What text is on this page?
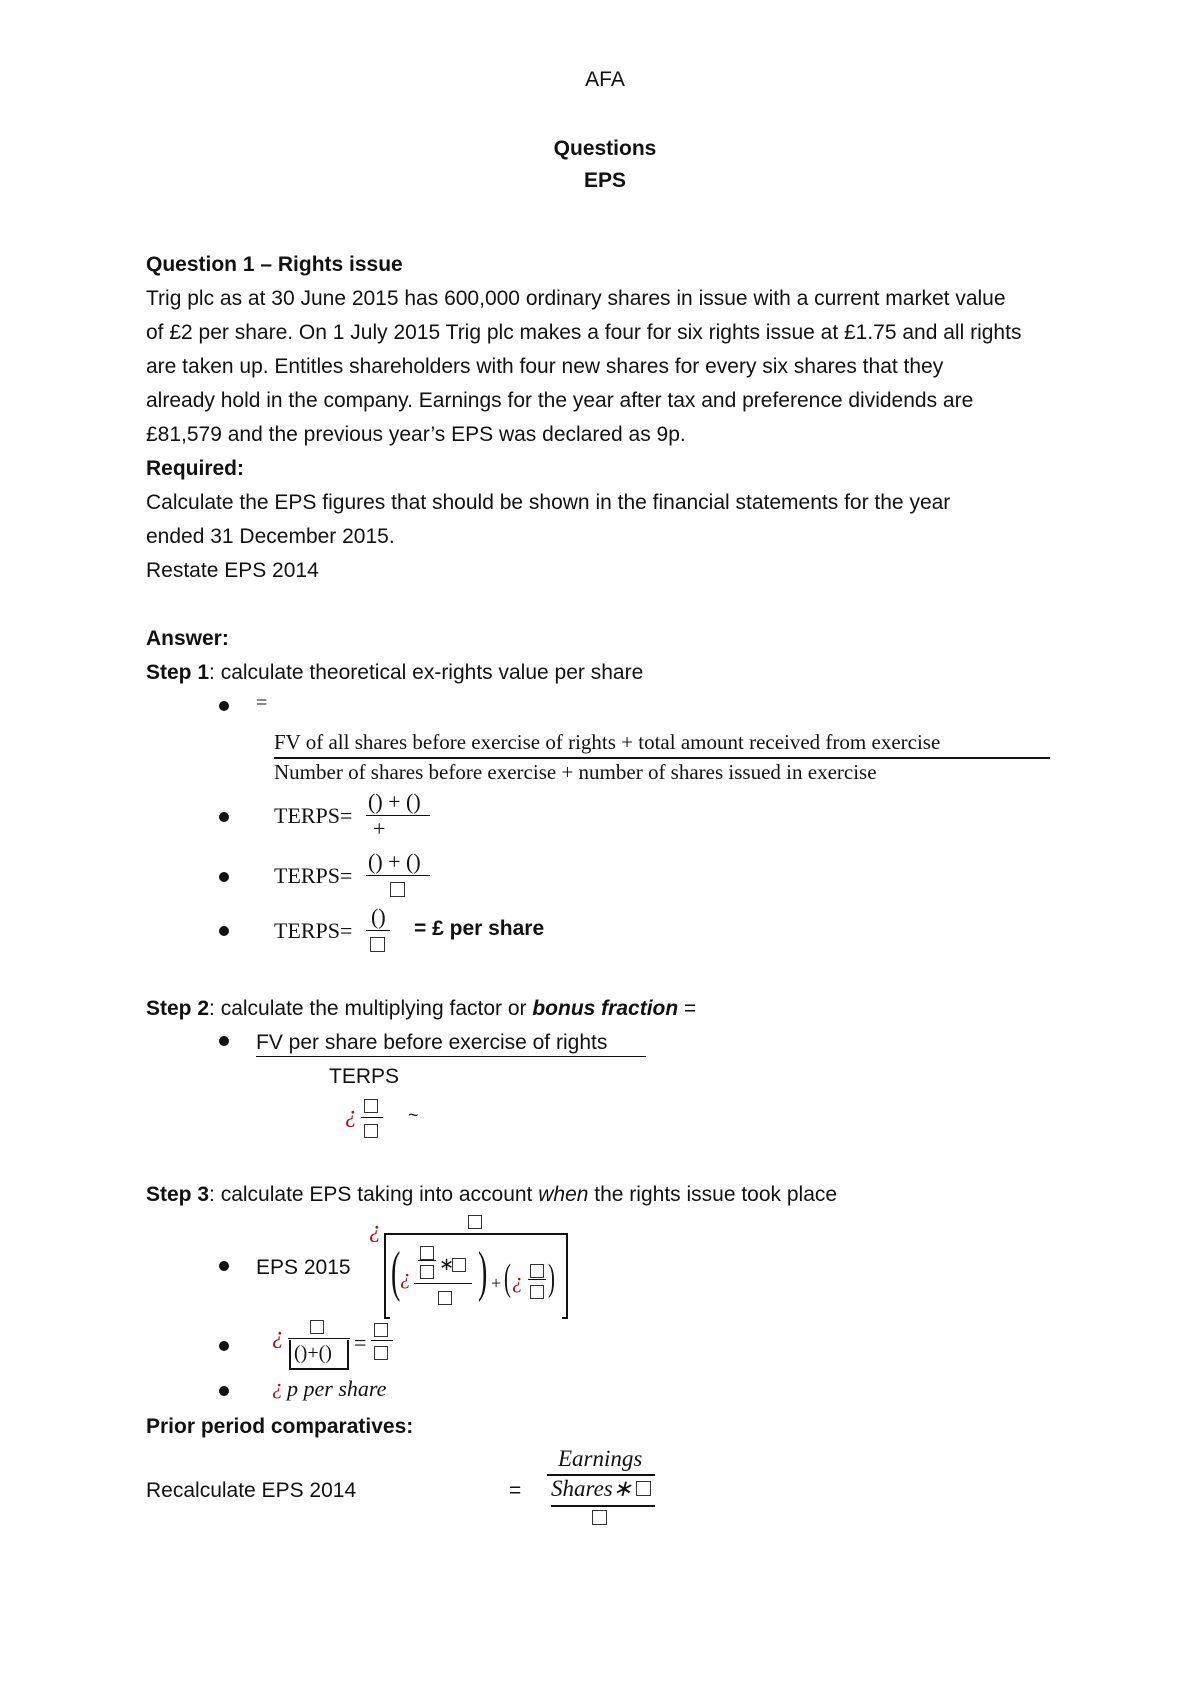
AFA
Questions
EPS
Question 1 – Rights issue
Trig plc as at 30 June 2015 has 600,000 ordinary shares in issue with a current market value
of £2 per share. On 1 July 2015 Trig plc makes a four for six rights issue at £1.75 and all rights
are taken up. Entitles shareholders with four new shares for every six shares that they
already hold in the company. Earnings for the year after tax and preference dividends are
£81,579 and the previous year’s EPS was declared as 9p.
Required:
Calculate the EPS figures that should be shown in the financial statements for the year
ended 31 December 2015.
Restate EPS 2014
Answer:
Step 1: calculate theoretical ex-rights value per share
=
FV of all shares before exercise of rights + total amount received from exercise
Number of shares before exercise + number of shares issued in exercise
TERPS=
() + ()
+
TERPS=
() + ()
TERPS=
() = £ per share
Step 2: calculate the multiplying factor or bonus fraction =
FV per share before exercise of rights
TERPS
¿	~
Step 3: calculate EPS taking into account when the rights issue took place
EPS 2015
¿
( ¿ ∗ ) + ( ¿ )
¿
()+() =
¿ p per share
Prior period comparatives:
Recalculate EPS 2014	=
Earnings
Shares∗
